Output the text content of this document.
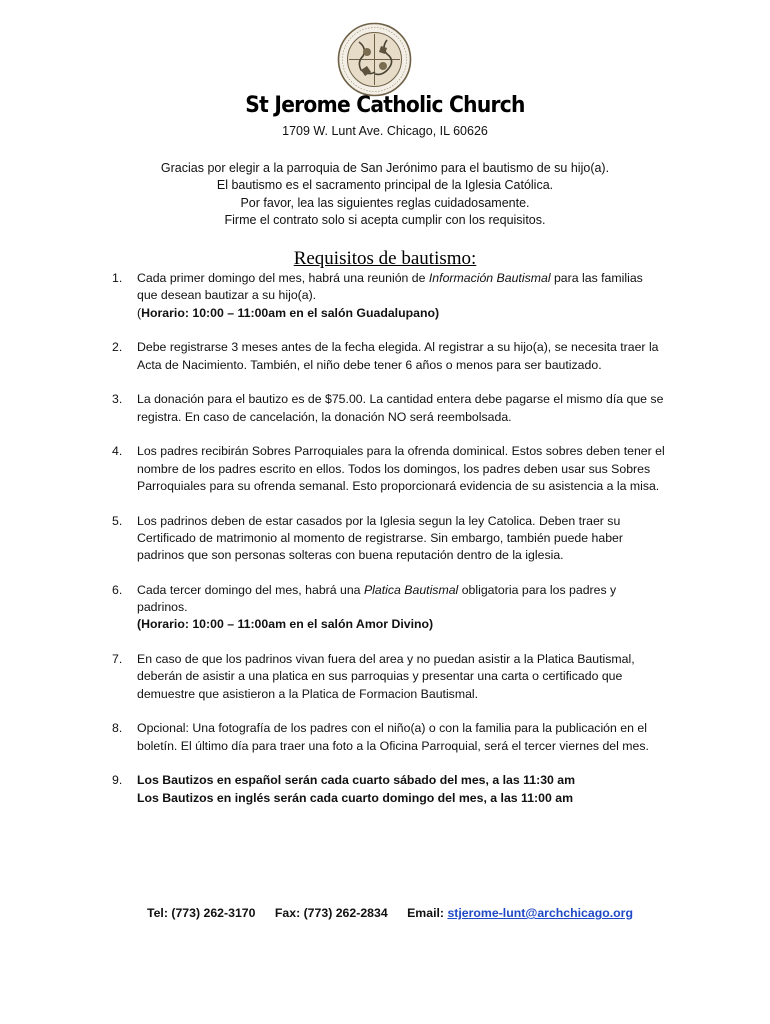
St Jerome Catholic Church
1709 W. Lunt Ave. Chicago, IL 60626
Gracias por elegir a la parroquia de San Jerónimo para el bautismo de su hijo(a).
El bautismo es el sacramento principal de la Iglesia Católica.
Por favor, lea las siguientes reglas cuidadosamente.
Firme el contrato solo si acepta cumplir con los requisitos.
Requisitos de bautismo:
1. Cada primer domingo del mes, habrá una reunión de Información Bautismal para las familias
que desean bautizar a su hijo(a).
(Horario: 10:00 – 11:00am en el salón Guadalupano)
2. Debe registrarse 3 meses antes de la fecha elegida. Al registrar a su hijo(a), se necesita traer la
Acta de Nacimiento. También, el niño debe tener 6 años o menos para ser bautizado.
3. La donación para el bautizo es de $75.00. La cantidad entera debe pagarse el mismo día que se
registra. En caso de cancelación, la donación NO será reembolsada.
4. Los padres recibirán Sobres Parroquiales para la ofrenda dominical. Estos sobres deben tener el
nombre de los padres escrito en ellos. Todos los domingos, los padres deben usar sus Sobres
Parroquiales para su ofrenda semanal. Esto proporcionará evidencia de su asistencia a la misa.
5. Los padrinos deben de estar casados por la Iglesia segun la ley Catolica. Deben traer su
Certificado de matrimonio al momento de registrarse. Sin embargo, también puede haber
padrinos que son personas solteras con buena reputación dentro de la iglesia.
6. Cada tercer domingo del mes, habrá una Platica Bautismal obligatoria para los padres y
padrinos.
(Horario: 10:00 – 11:00am en el salón Amor Divino)
7. En caso de que los padrinos vivan fuera del area y no puedan asistir a la Platica Bautismal,
deberán de asistir a una platica en sus parroquias y presentar una carta o certificado que
demuestre que asistieron a la Platica de Formacion Bautismal.
8. Opcional: Una fotografía de los padres con el niño(a) o con la familia para la publicación en el
boletín. El último día para traer una foto a la Oficina Parroquial, será el tercer viernes del mes.
9. Los Bautizos en español serán cada cuarto sábado del mes, a las 11:30 am
Los Bautizos en inglés serán cada cuarto domingo del mes, a las 11:00 am
Tel: (773) 262-3170 Fax: (773) 262-2834 Email: stjerome-lunt@archchicago.org
